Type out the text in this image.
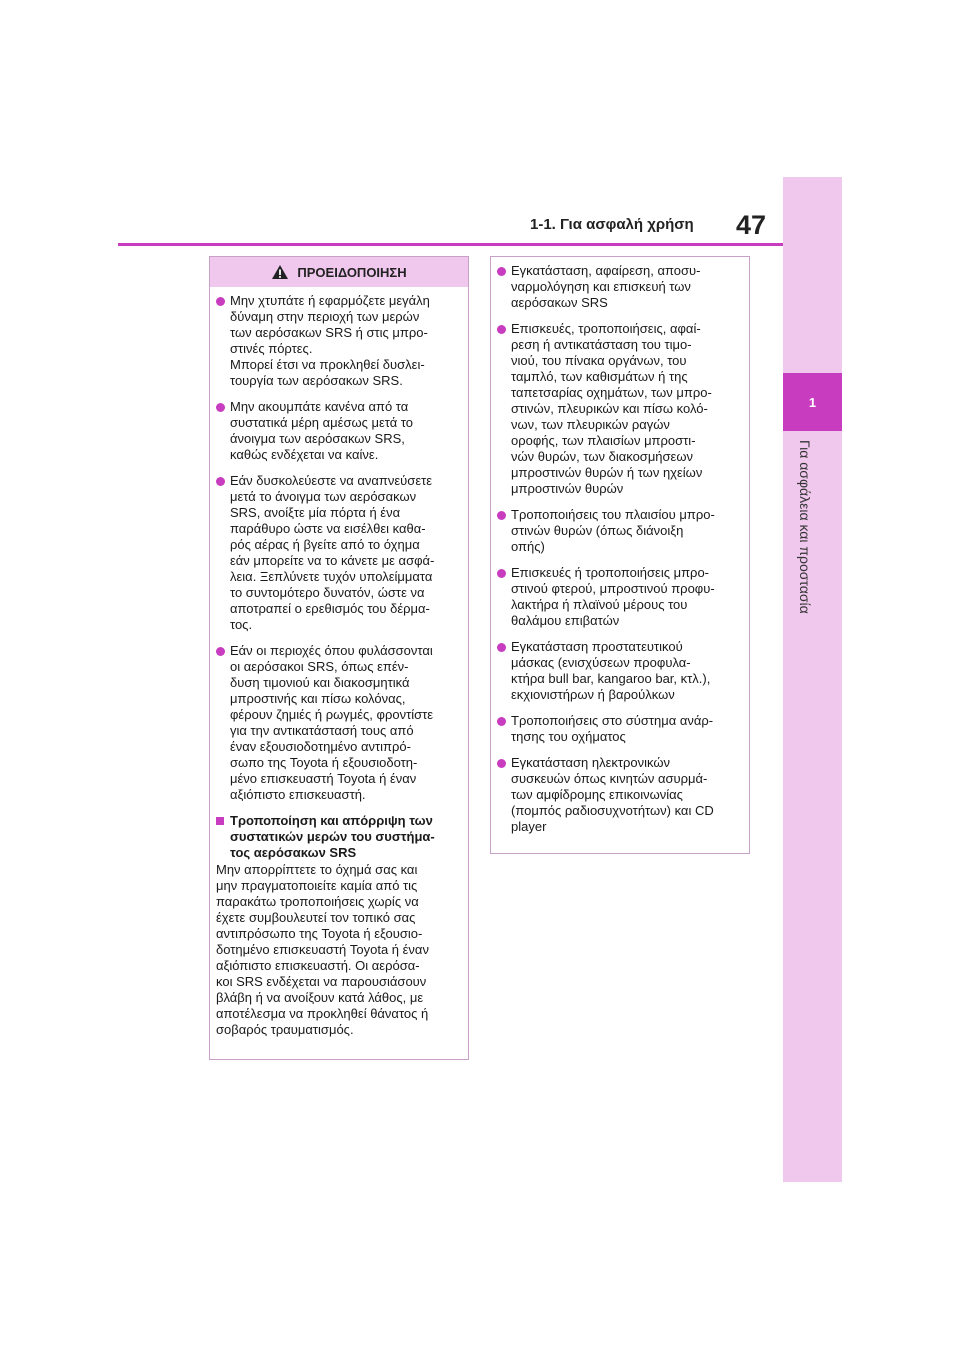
1
Για ασφάλεια και προστασία
1-1. Για ασφαλή χρήση 47
ΠΡΟΕΙΔΟΠΟΙΗΣΗ
Μην χτυπάτε ή εφαρμόζετε μεγάλη
δύναμη στην περιοχή των μερών
των αερόσακων SRS ή στις μπρο-
στινές πόρτες.
Μπορεί έτσι να προκληθεί δυσλει-
τουργία των αερόσακων SRS.
Μην ακουμπάτε κανένα από τα
συστατικά μέρη αμέσως μετά το
άνοιγμα των αερόσακων SRS,
καθώς ενδέχεται να καίνε.
Εάν δυσκολεύεστε να αναπνεύσετε
μετά το άνοιγμα των αερόσακων
SRS, ανοίξτε μία πόρτα ή ένα
παράθυρο ώστε να εισέλθει καθα-
ρός αέρας ή βγείτε από το όχημα
εάν μπορείτε να το κάνετε με ασφά-
λεια. Ξεπλύνετε τυχόν υπολείμματα
το συντομότερο δυνατόν, ώστε να
αποτραπεί ο ερεθισμός του δέρμα-
τος.
Εάν οι περιοχές όπου φυλάσσονται
οι αερόσακοι SRS, όπως επέν-
δυση τιμονιού και διακοσμητικά
μπροστινής και πίσω κολόνας,
φέρουν ζημιές ή ρωγμές, φροντίστε
για την αντικατάστασή τους από
έναν εξουσιοδοτημένο αντιπρό-
σωπο της Toyota ή εξουσιοδοτη-
μένο επισκευαστή Toyota ή έναν
αξιόπιστο επισκευαστή.
Τροποποίηση και απόρριψη των
συστατικών μερών του συστήμα-
τος αερόσακων SRS
Μην απορρίπτετε το όχημά σας και
μην πραγματοποιείτε καμία από τις
παρακάτω τροποποιήσεις χωρίς να
έχετε συμβουλευτεί τον τοπικό σας
αντιπρόσωπο της Toyota ή εξουσιο-
δοτημένο επισκευαστή Toyota ή έναν
αξιόπιστο επισκευαστή. Οι αερόσα-
κοι SRS ενδέχεται να παρουσιάσουν
βλάβη ή να ανοίξουν κατά λάθος, με
αποτέλεσμα να προκληθεί θάνατος ή
σοβαρός τραυματισμός.
Εγκατάσταση, αφαίρεση, αποσυ-
ναρμολόγηση και επισκευή των
αερόσακων SRS
Επισκευές, τροποποιήσεις, αφαί-
ρεση ή αντικατάσταση του τιμο-
νιού, του πίνακα οργάνων, του
ταμπλό, των καθισμάτων ή της
ταπετσαρίας οχημάτων, των μπρο-
στινών, πλευρικών και πίσω κολό-
νων, των πλευρικών ραγών
οροφής, των πλαισίων μπροστι-
νών θυρών, των διακοσμήσεων
μπροστινών θυρών ή των ηχείων
μπροστινών θυρών
Τροποποιήσεις του πλαισίου μπρο-
στινών θυρών (όπως διάνοιξη
οπής)
Επισκευές ή τροποποιήσεις μπρο-
στινού φτερού, μπροστινού προφυ-
λακτήρα ή πλαϊνού μέρους του
θαλάμου επιβατών
Εγκατάσταση προστατευτικού
μάσκας (ενισχύσεων προφυλα-
κτήρα bull bar, kangaroo bar, κτλ.),
εκχιονιστήρων ή βαρούλκων
Τροποποιήσεις στο σύστημα ανάρ-
τησης του οχήματος
Εγκατάσταση ηλεκτρονικών
συσκευών όπως κινητών ασυρμά-
των αμφίδρομης επικοινωνίας
(πομπός ραδιοσυχνοτήτων) και CD
player
